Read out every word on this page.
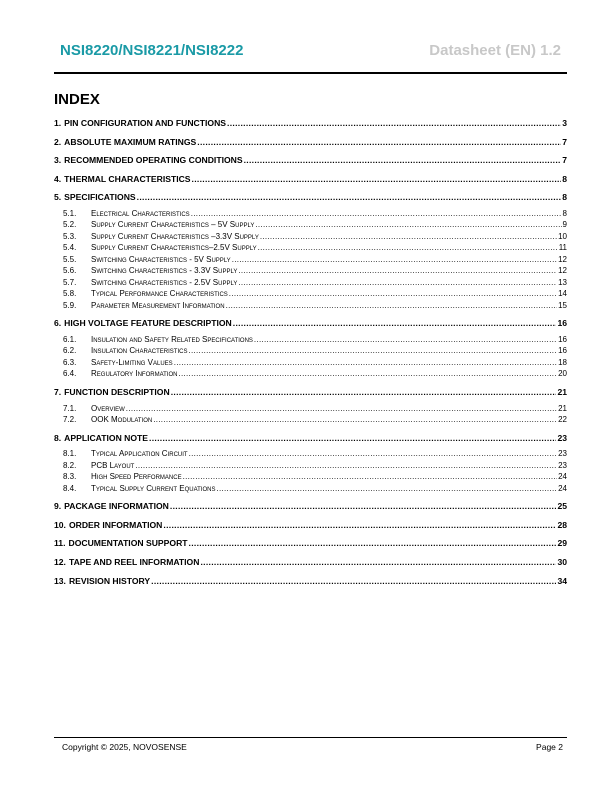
NSI8220/NSI8221/NSI8222	Datasheet (EN) 1.2
INDEX
1. PIN CONFIGURATION AND FUNCTIONS .....	3
2. ABSOLUTE MAXIMUM RATINGS .....	7
3. RECOMMENDED OPERATING CONDITIONS .....	7
4. THERMAL CHARACTERISTICS .....	8
5. SPECIFICATIONS .....	8
5.1.	Electrical Characteristics .....	8
5.2.	Supply Current Characteristics – 5V Supply .....	9
5.3.	Supply Current Characteristics –3.3V Supply .....	10
5.4.	Supply Current Characteristics–2.5V Supply .....	11
5.5.	Switching Characteristics - 5V Supply .....	12
5.6.	Switching Characteristics - 3.3V Supply .....	12
5.7.	Switching Characteristics - 2.5V Supply .....	13
5.8.	Typical Performance Characteristics .....	14
5.9.	Parameter Measurement Information .....	15
6. HIGH VOLTAGE FEATURE DESCRIPTION .....	16
6.1.	Insulation and Safety Related Specifications .....	16
6.2.	Insulation Characteristics .....	16
6.3.	Safety-Limiting Values .....	18
6.4.	Regulatory Information .....	20
7. FUNCTION DESCRIPTION .....	21
7.1.	Overview .....	21
7.2.	OOK Modulation .....	22
8. APPLICATION NOTE .....	23
8.1.	Typical Application Circuit .....	23
8.2.	PCB Layout .....	23
8.3.	High Speed Performance .....	24
8.4.	Typical Supply Current Equations .....	24
9. PACKAGE INFORMATION .....	25
10. ORDER INFORMATION .....	28
11. DOCUMENTATION SUPPORT .....	29
12. TAPE AND REEL INFORMATION .....	30
13. REVISION HISTORY .....	34
Copyright © 2025, NOVOSENSE	Page 2
